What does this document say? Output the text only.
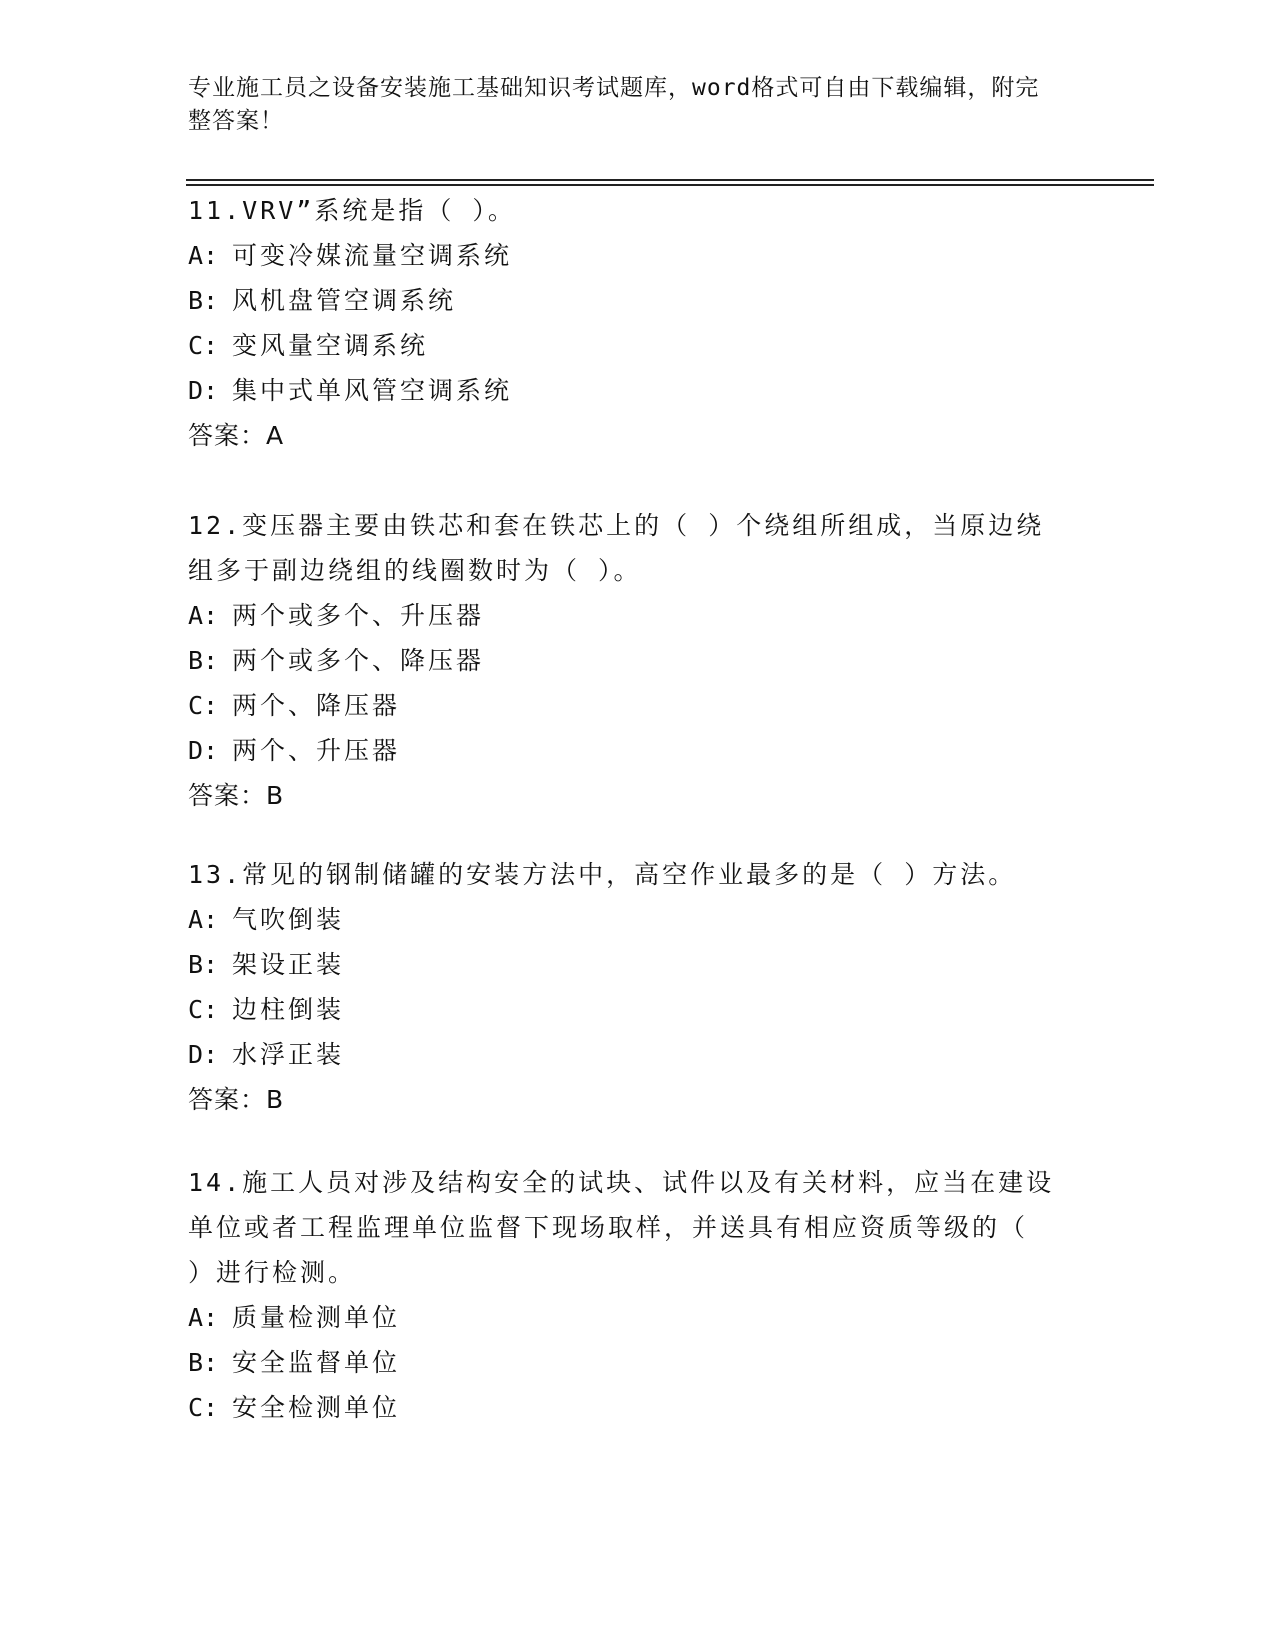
专业施工员之设备安装施工基础知识考试题库，word格式可自由下载编辑，附完
整答案！
11.VRV”系统是指（ ）。
A: 可变冷媒流量空调系统
B: 风机盘管空调系统
C: 变风量空调系统
D: 集中式单风管空调系统
答案：A
12.变压器主要由铁芯和套在铁芯上的（ ）个绕组所组成，当原边绕
组多于副边绕组的线圈数时为（ ）。
A: 两个或多个、升压器
B: 两个或多个、降压器
C: 两个、降压器
D: 两个、升压器
答案：B
13.常见的钢制储罐的安装方法中，高空作业最多的是（ ）方法。
A: 气吹倒装
B: 架设正装
C: 边柱倒装
D: 水浮正装
答案：B
14.施工人员对涉及结构安全的试块、试件以及有关材料，应当在建设
单位或者工程监理单位监督下现场取样，并送具有相应资质等级的（
）进行检测。
A: 质量检测单位
B: 安全监督单位
C: 安全检测单位
